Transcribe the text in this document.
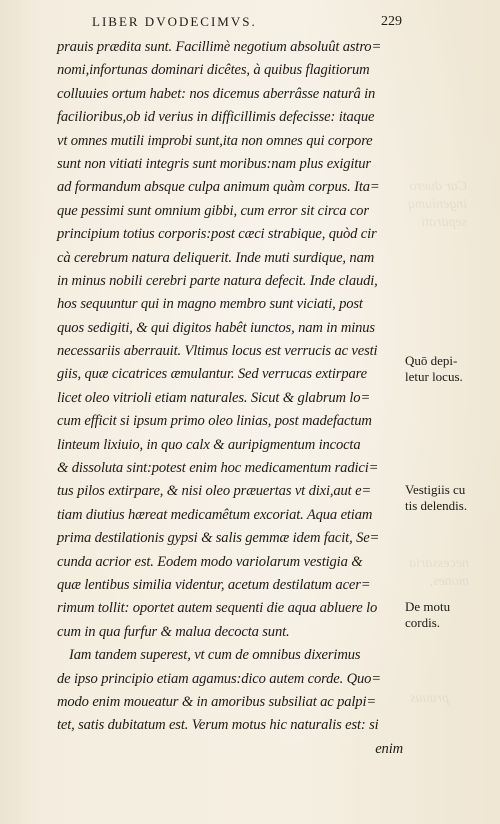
Cur duero
ingeniumq
separati
necessaria
mones,
prauus
LIBER DVODECIMVS.	229
prauis prædita sunt. Facillimè negotium absoluût astro=
nomi,infortunas dominari dicêtes, à quibus flagitiorum
colluuies ortum habet: nos dicemus aberrâsse naturâ in
facilioribus,ob id verius in difficillimis defecisse: itaque
vt omnes mutili improbi sunt,ita non omnes qui corpore
sunt non vitiati integris sunt moribus:nam plus exigitur
ad formandum absque culpa animum quàm corpus. Ita=
que pessimi sunt omnium gibbi, cum error sit circa cor
principium totius corporis:post cæci strabique, quòd cir
cà cerebrum natura deliquerit. Inde muti surdique, nam
in minus nobili cerebri parte natura defecit. Inde claudi,
hos sequuntur qui in magno membro sunt viciati, post
quos sedigiti, & qui digitos habêt iunctos, nam in minus
necessariis aberrauit. Vltimus locus est verrucis ac vesti
giis, quæ cicatrices æmulantur. Sed verrucas extirpare
licet oleo vitrioli etiam naturales. Sicut & glabrum lo=
cum efficit si ipsum primo oleo linias, post madefactum
linteum lixiuio, in quo calx & auripigmentum incocta
& dissoluta sint:potest enim hoc medicamentum radici=
tus pilos extirpare, & nisi oleo præuertas vt dixi,aut e=
tiam diutius hæreat medicamêtum excoriat. Aqua etiam
prima destilationis gypsi & salis gemmæ idem facit, Se=
cunda acrior est. Eodem modo variolarum vestigia &
quæ lentibus similia videntur, acetum destilatum acer=
rimum tollit: oportet autem sequenti die aqua abluere lo
cum in qua furfur & malua decocta sunt.
Iam tandem superest, vt cum de omnibus dixerimus
de ipso principio etiam agamus:dico autem corde. Quo=
modo enim moueatur & in amoribus subsiliat ac palpi=
tet, satis dubitatum est. Verum motus hic naturalis est: si
enim
Quō depi-
letur locus.
Vestigiis cu
tis delendis.
De motu
cordis.
